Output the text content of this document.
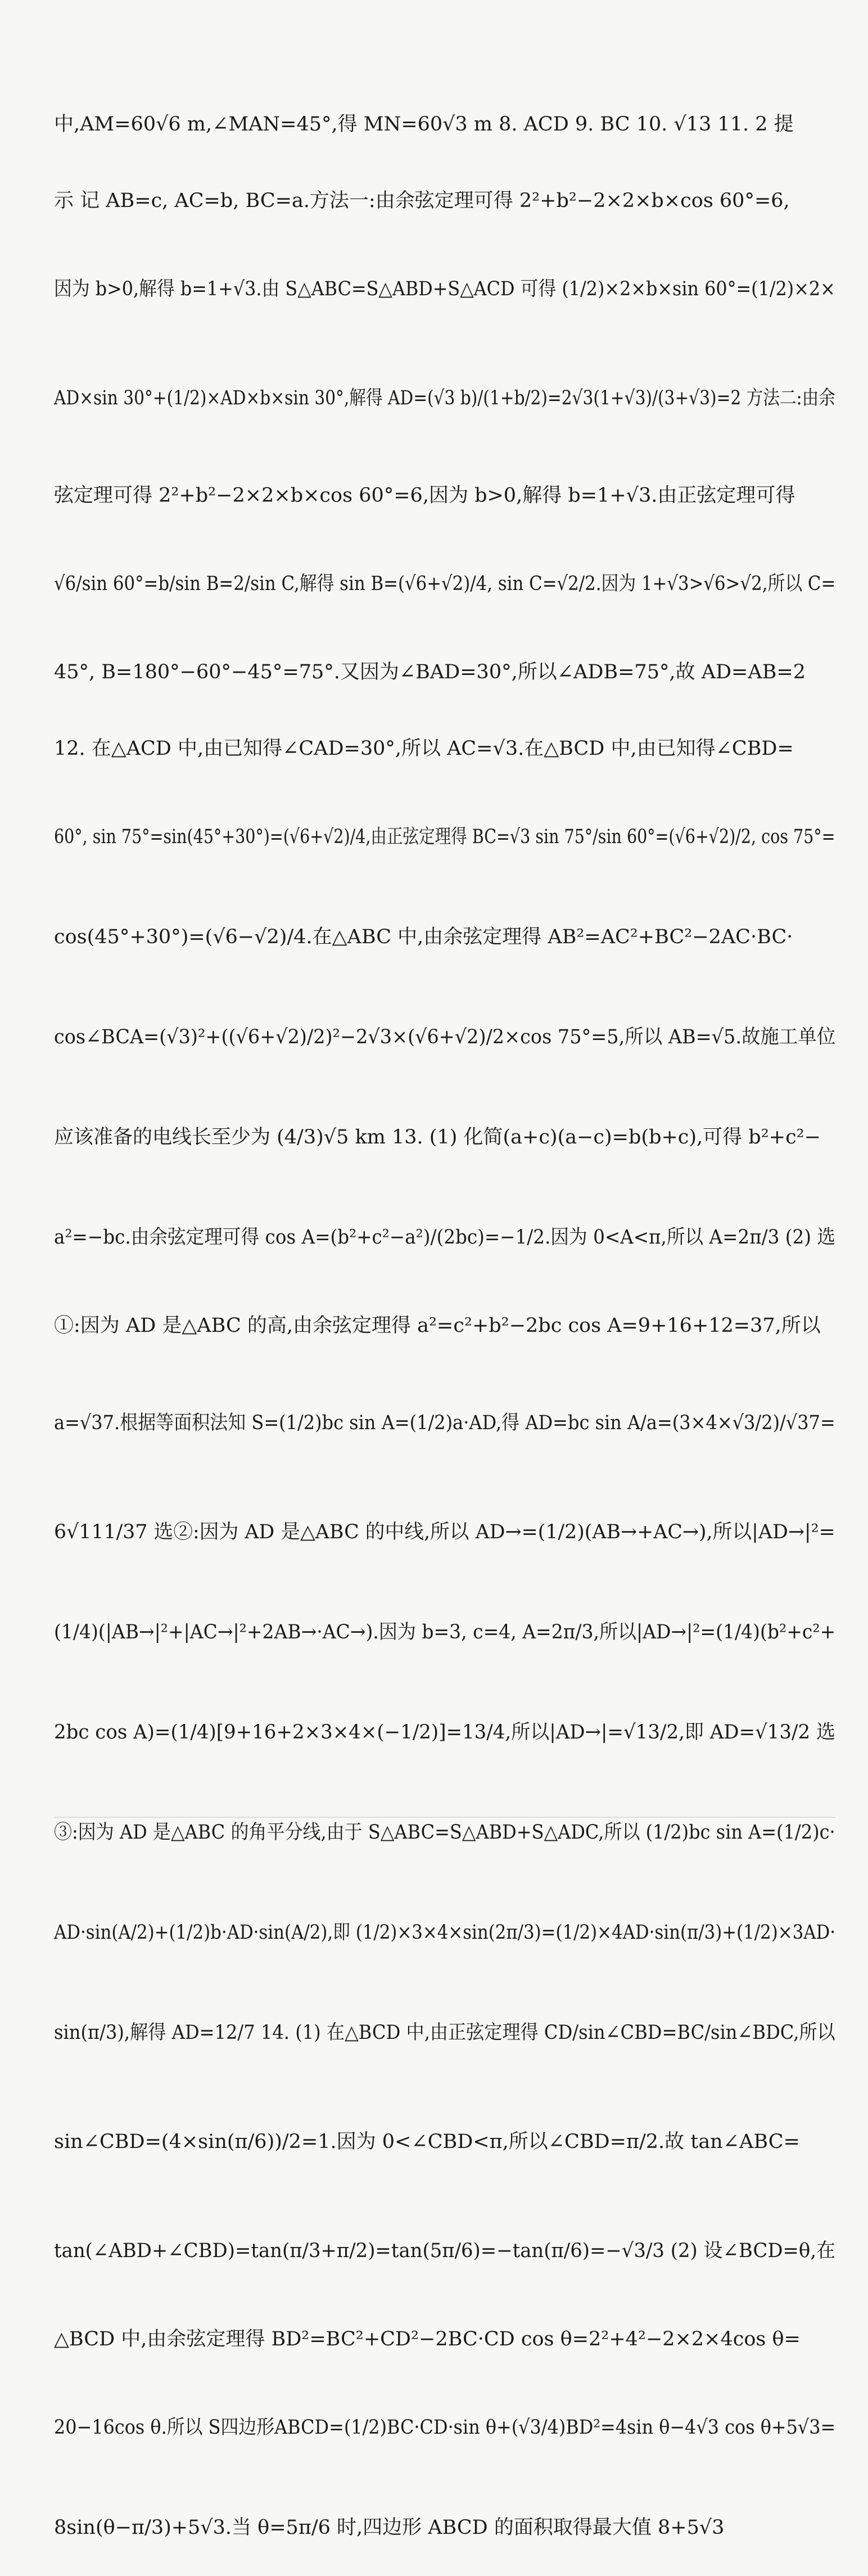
中,AM=60√6 m,∠MAN=45°,得 MN=60√3 m 8. ACD 9. BC 10. √13 11. 2 提
示 记 AB=c, AC=b, BC=a.方法一:由余弦定理可得 2²+b²−2×2×b×cos 60°=6,
因为 b>0,解得 b=1+√3.由 S△ABC=S△ABD+S△ACD 可得 (1/2)×2×b×sin 60°=(1/2)×2×
AD×sin 30°+(1/2)×AD×b×sin 30°,解得 AD=(√3 b)/(1+b/2)=2√3(1+√3)/(3+√3)=2 方法二:由余
弦定理可得 2²+b²−2×2×b×cos 60°=6,因为 b>0,解得 b=1+√3.由正弦定理可得
√6/sin 60°=b/sin B=2/sin C,解得 sin B=(√6+√2)/4, sin C=√2/2.因为 1+√3>√6>√2,所以 C=
45°, B=180°−60°−45°=75°.又因为∠BAD=30°,所以∠ADB=75°,故 AD=AB=2
12. 在△ACD 中,由已知得∠CAD=30°,所以 AC=√3.在△BCD 中,由已知得∠CBD=
60°, sin 75°=sin(45°+30°)=(√6+√2)/4,由正弦定理得 BC=√3 sin 75°/sin 60°=(√6+√2)/2, cos 75°=
cos(45°+30°)=(√6−√2)/4.在△ABC 中,由余弦定理得 AB²=AC²+BC²−2AC·BC·
cos∠BCA=(√3)²+((√6+√2)/2)²−2√3×(√6+√2)/2×cos 75°=5,所以 AB=√5.故施工单位
应该准备的电线长至少为 (4/3)√5 km 13. (1) 化简(a+c)(a−c)=b(b+c),可得 b²+c²−
a²=−bc.由余弦定理可得 cos A=(b²+c²−a²)/(2bc)=−1/2.因为 0<A<π,所以 A=2π/3 (2) 选
①:因为 AD 是△ABC 的高,由余弦定理得 a²=c²+b²−2bc cos A=9+16+12=37,所以
a=√37.根据等面积法知 S=(1/2)bc sin A=(1/2)a·AD,得 AD=bc sin A/a=(3×4×√3/2)/√37=
6√111/37 选②:因为 AD 是△ABC 的中线,所以 AD→=(1/2)(AB→+AC→),所以|AD→|²=
(1/4)(|AB→|²+|AC→|²+2AB→·AC→).因为 b=3, c=4, A=2π/3,所以|AD→|²=(1/4)(b²+c²+
2bc cos A)=(1/4)[9+16+2×3×4×(−1/2)]=13/4,所以|AD→|=√13/2,即 AD=√13/2 选
③:因为 AD 是△ABC 的角平分线,由于 S△ABC=S△ABD+S△ADC,所以 (1/2)bc sin A=(1/2)c·
AD·sin(A/2)+(1/2)b·AD·sin(A/2),即 (1/2)×3×4×sin(2π/3)=(1/2)×4AD·sin(π/3)+(1/2)×3AD·
sin(π/3),解得 AD=12/7 14. (1) 在△BCD 中,由正弦定理得 CD/sin∠CBD=BC/sin∠BDC,所以
sin∠CBD=(4×sin(π/6))/2=1.因为 0<∠CBD<π,所以∠CBD=π/2.故 tan∠ABC=
tan(∠ABD+∠CBD)=tan(π/3+π/2)=tan(5π/6)=−tan(π/6)=−√3/3 (2) 设∠BCD=θ,在
△BCD 中,由余弦定理得 BD²=BC²+CD²−2BC·CD cos θ=2²+4²−2×2×4cos θ=
20−16cos θ.所以 S四边形ABCD=(1/2)BC·CD·sin θ+(√3/4)BD²=4sin θ−4√3 cos θ+5√3=
8sin(θ−π/3)+5√3.当 θ=5π/6 时,四边形 ABCD 的面积取得最大值 8+5√3
